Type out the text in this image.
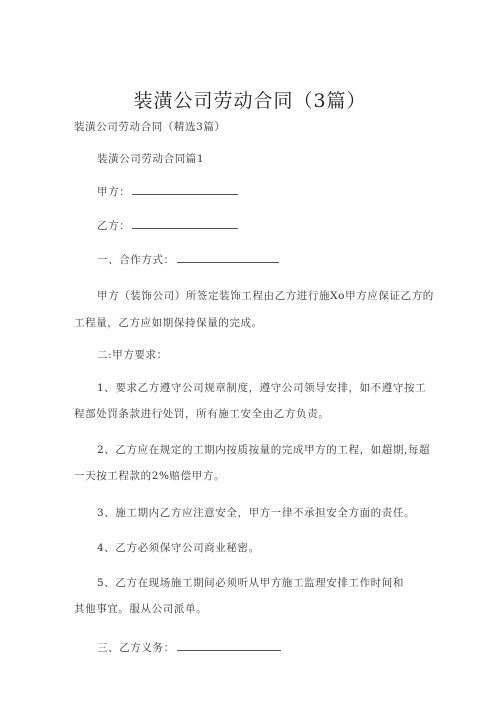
装潢公司劳动合同（3篇）
装潢公司劳动合同（精选3篇）
装潢公司劳动合同篇1
甲方：
乙方：
一、合作方式：
甲方（装饰公司）所签定装饰工程由乙方进行施Xo甲方应保证乙方的
工程量，乙方应如期保持保量的完成。
二:甲方要求：
1、要求乙方遵守公司规章制度，遵守公司领导安排，如不遵守按工
程部处罚条款进行处罚，所有施工安全由乙方负责。
2、乙方应在规定的工期内按质按量的完成甲方的工程，如超期,每超
一天按工程款的2%赔偿甲方。
3、施工期内乙方应注意安全，甲方一律不承担安全方面的责任。
4、乙方必须保守公司商业秘密。
5、乙方在现场施工期间必须听从甲方施工监理安排工作时间和
其他事宜。服从公司派单。
三、乙方义务：
